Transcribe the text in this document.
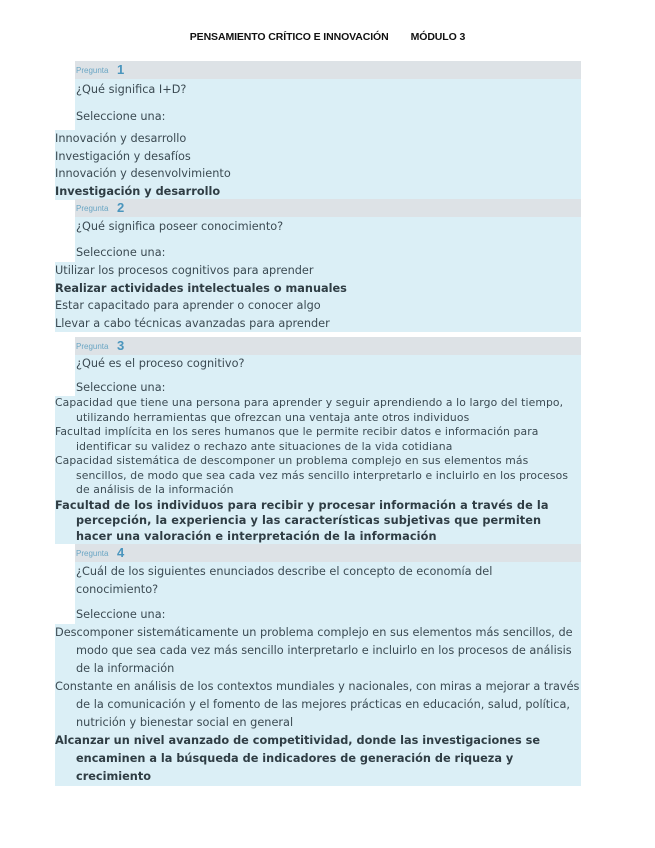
PENSAMIENTO CRÍTICO E INNOVACIÓN MÓDULO 3
Pregunta 1
¿Qué significa I+D?
Seleccione una:
Innovación y desarrollo
Investigación y desafíos
Innovación y desenvolvimiento
Investigación y desarrollo
Pregunta 2
¿Qué significa poseer conocimiento?
Seleccione una:
Utilizar los procesos cognitivos para aprender
Realizar actividades intelectuales o manuales
Estar capacitado para aprender o conocer algo
Llevar a cabo técnicas avanzadas para aprender
Pregunta 3
¿Qué es el proceso cognitivo?
Seleccione una:
Capacidad que tiene una persona para aprender y seguir aprendiendo a lo largo del tiempo, utilizando herramientas que ofrezcan una ventaja ante otros individuos
Facultad implícita en los seres humanos que le permite recibir datos e información para identificar su validez o rechazo ante situaciones de la vida cotidiana
Capacidad sistemática de descomponer un problema complejo en sus elementos más sencillos, de modo que sea cada vez más sencillo interpretarlo e incluirlo en los procesos de análisis de la información
Facultad de los individuos para recibir y procesar información a través de la percepción, la experiencia y las características subjetivas que permiten hacer una valoración e interpretación de la información
Pregunta 4
¿Cuál de los siguientes enunciados describe el concepto de economía del conocimiento?
Seleccione una:
Descomponer sistemáticamente un problema complejo en sus elementos más sencillos, de modo que sea cada vez más sencillo interpretarlo e incluirlo en los procesos de análisis de la información
Constante en análisis de los contextos mundiales y nacionales, con miras a mejorar a través de la comunicación y el fomento de las mejores prácticas en educación, salud, política, nutrición y bienestar social en general
Alcanzar un nivel avanzado de competitividad, donde las investigaciones se encaminen a la búsqueda de indicadores de generación de riqueza y crecimiento
